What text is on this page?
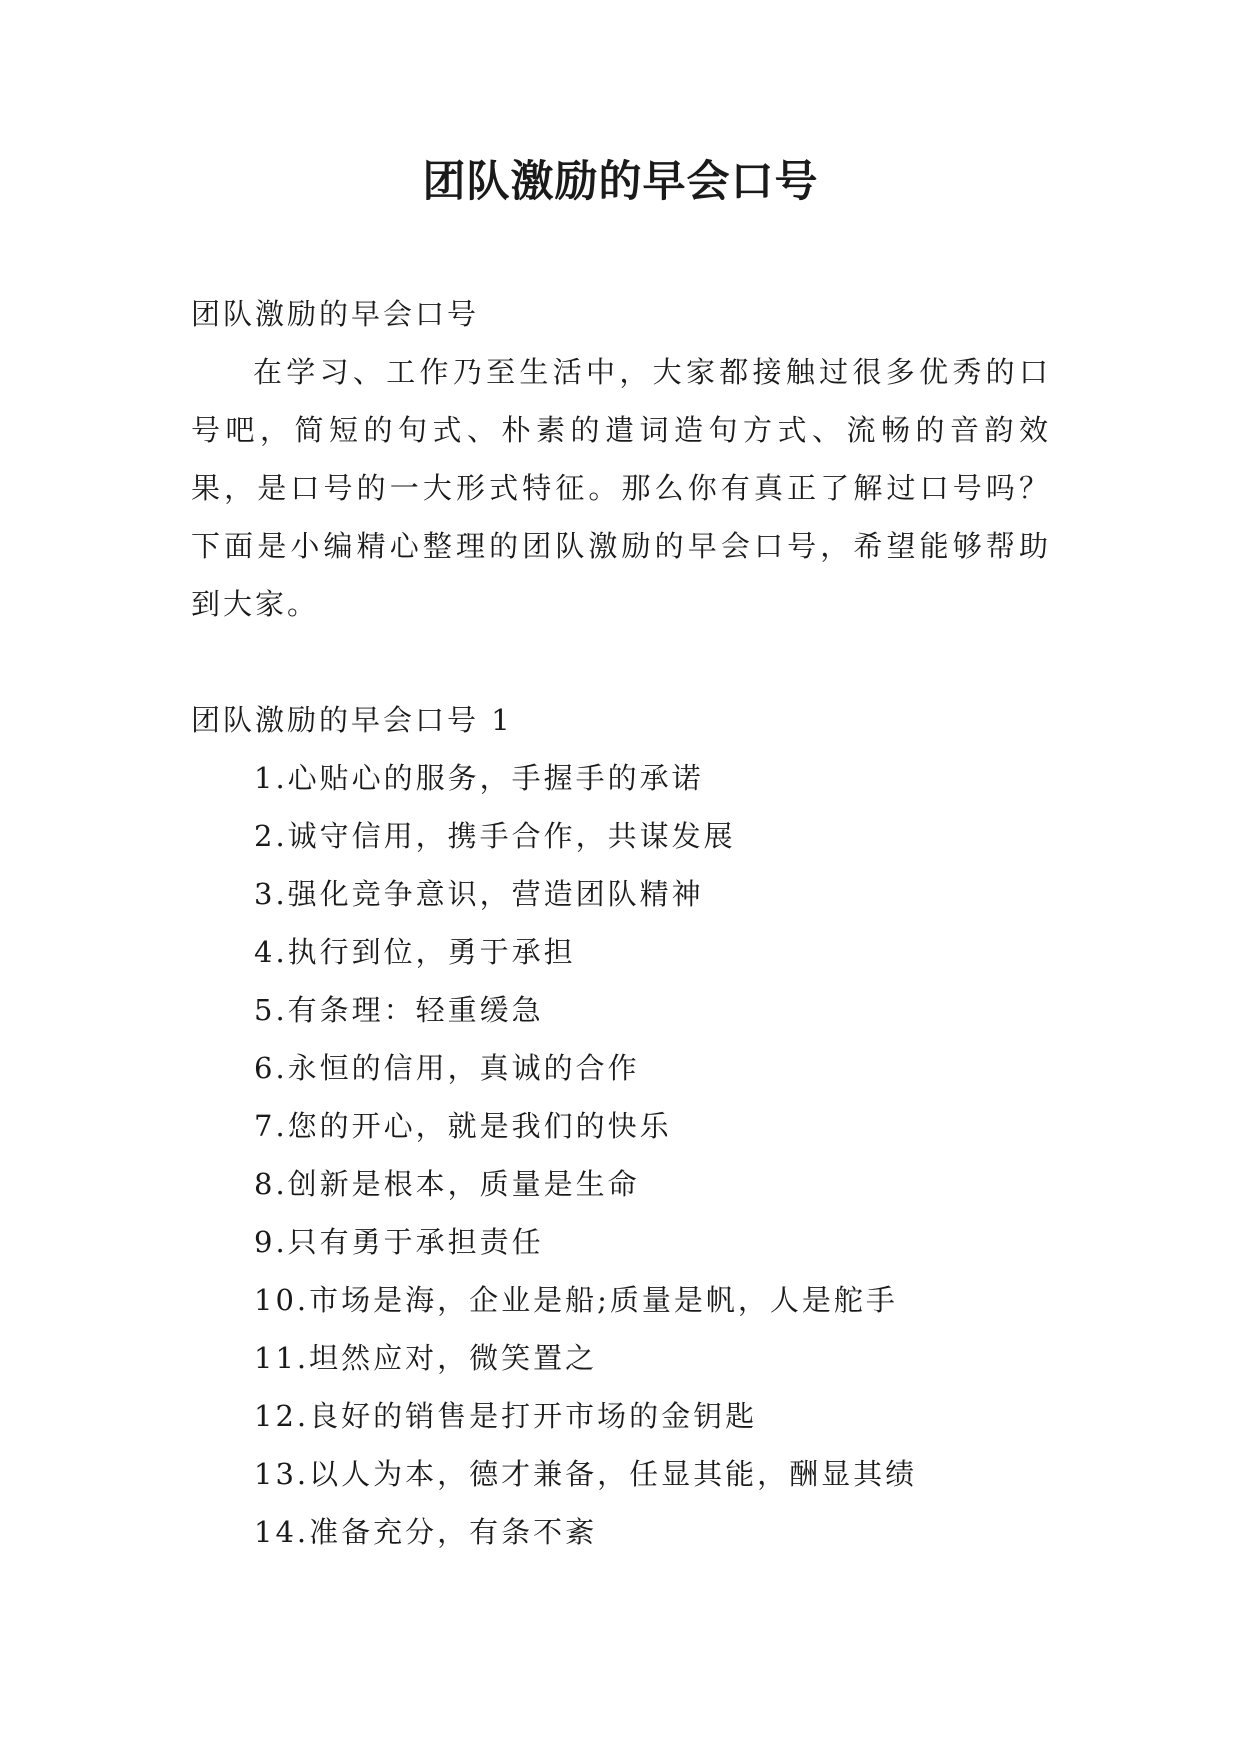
团队激励的早会口号
团队激励的早会口号

在学习、工作乃至生活中，大家都接触过很多优秀的口号吧，简短的句式、朴素的遣词造句方式、流畅的音韵效果，是口号的一大形式特征。那么你有真正了解过口号吗？下面是小编精心整理的团队激励的早会口号，希望能够帮助到大家。

团队激励的早会口号 1
1.心贴心的服务，手握手的承诺
2.诚守信用，携手合作，共谋发展
3.强化竞争意识，营造团队精神
4.执行到位，勇于承担
5.有条理：轻重缓急
6.永恒的信用，真诚的合作
7.您的开心，就是我们的快乐
8.创新是根本，质量是生命
9.只有勇于承担责任
10.市场是海，企业是船;质量是帆，人是舵手
11.坦然应对，微笑置之
12.良好的销售是打开市场的金钥匙
13.以人为本，德才兼备，任显其能，酬显其绩
14.准备充分，有条不紊
